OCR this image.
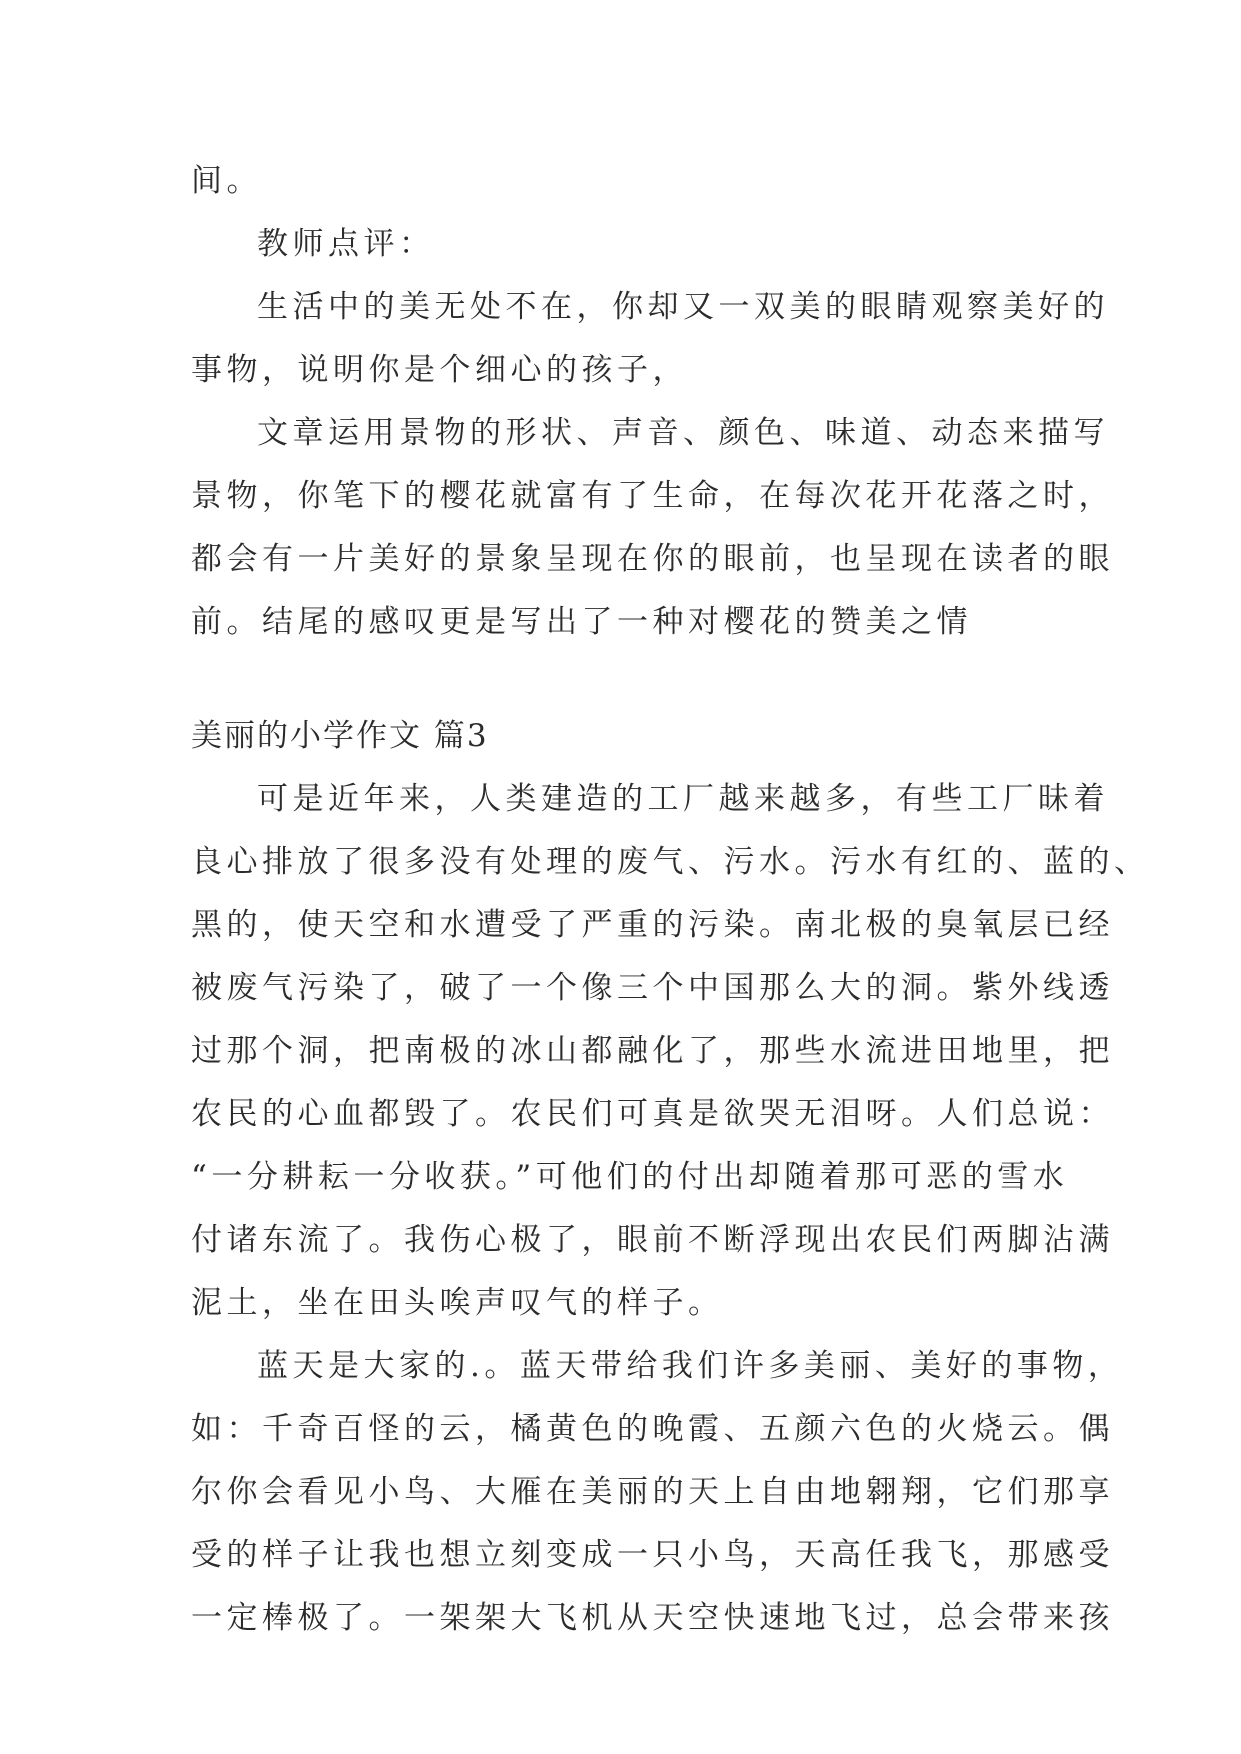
间。
教师点评：
生活中的美无处不在，你却又一双美的眼睛观察美好的
事物，说明你是个细心的孩子，
文章运用景物的形状、声音、颜色、味道、动态来描写
景物，你笔下的樱花就富有了生命，在每次花开花落之时，
都会有一片美好的景象呈现在你的眼前，也呈现在读者的眼
前。结尾的感叹更是写出了一种对樱花的赞美之情
美丽的小学作文 篇3
可是近年来，人类建造的工厂越来越多，有些工厂昧着
良心排放了很多没有处理的废气、污水。污水有红的、蓝的、
黑的，使天空和水遭受了严重的污染。南北极的臭氧层已经
被废气污染了，破了一个像三个中国那么大的洞。紫外线透
过那个洞，把南极的冰山都融化了，那些水流进田地里，把
农民的心血都毁了。农民们可真是欲哭无泪呀。人们总说：
“一分耕耘一分收获。”可他们的付出却随着那可恶的雪水
付诸东流了。我伤心极了，眼前不断浮现出农民们两脚沾满
泥土，坐在田头唉声叹气的样子。
蓝天是大家的.。蓝天带给我们许多美丽、美好的事物，
如：千奇百怪的云，橘黄色的晚霞、五颜六色的火烧云。偶
尔你会看见小鸟、大雁在美丽的天上自由地翱翔，它们那享
受的样子让我也想立刻变成一只小鸟，天高任我飞，那感受
一定棒极了。一架架大飞机从天空快速地飞过，总会带来孩
